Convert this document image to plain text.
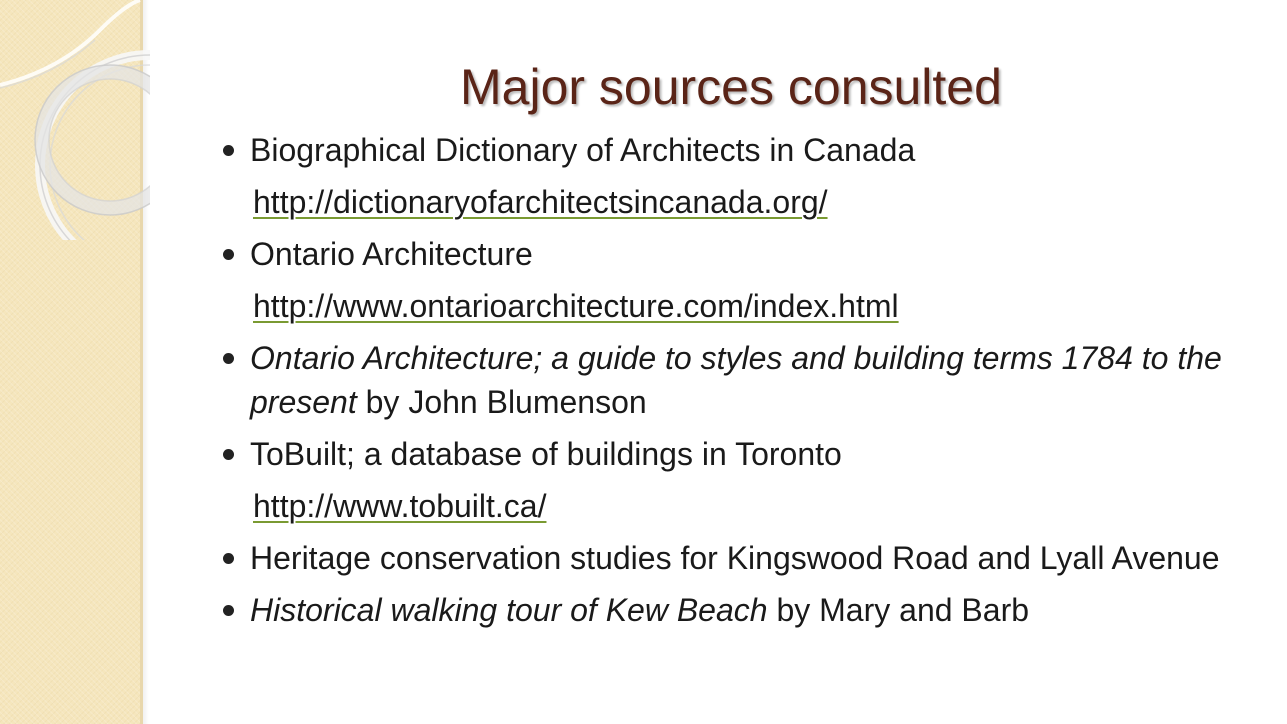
Major sources consulted
Biographical Dictionary of Architects in Canada
http://dictionaryofarchitectsincanada.org/
Ontario Architecture
http://www.ontarioarchitecture.com/index.html
Ontario Architecture; a guide to styles and building terms 1784 to the present by John Blumenson
ToBuilt; a database of buildings in Toronto
http://www.tobuilt.ca/
Heritage conservation studies for Kingswood Road and Lyall Avenue
Historical walking tour of Kew Beach by Mary and Barb
